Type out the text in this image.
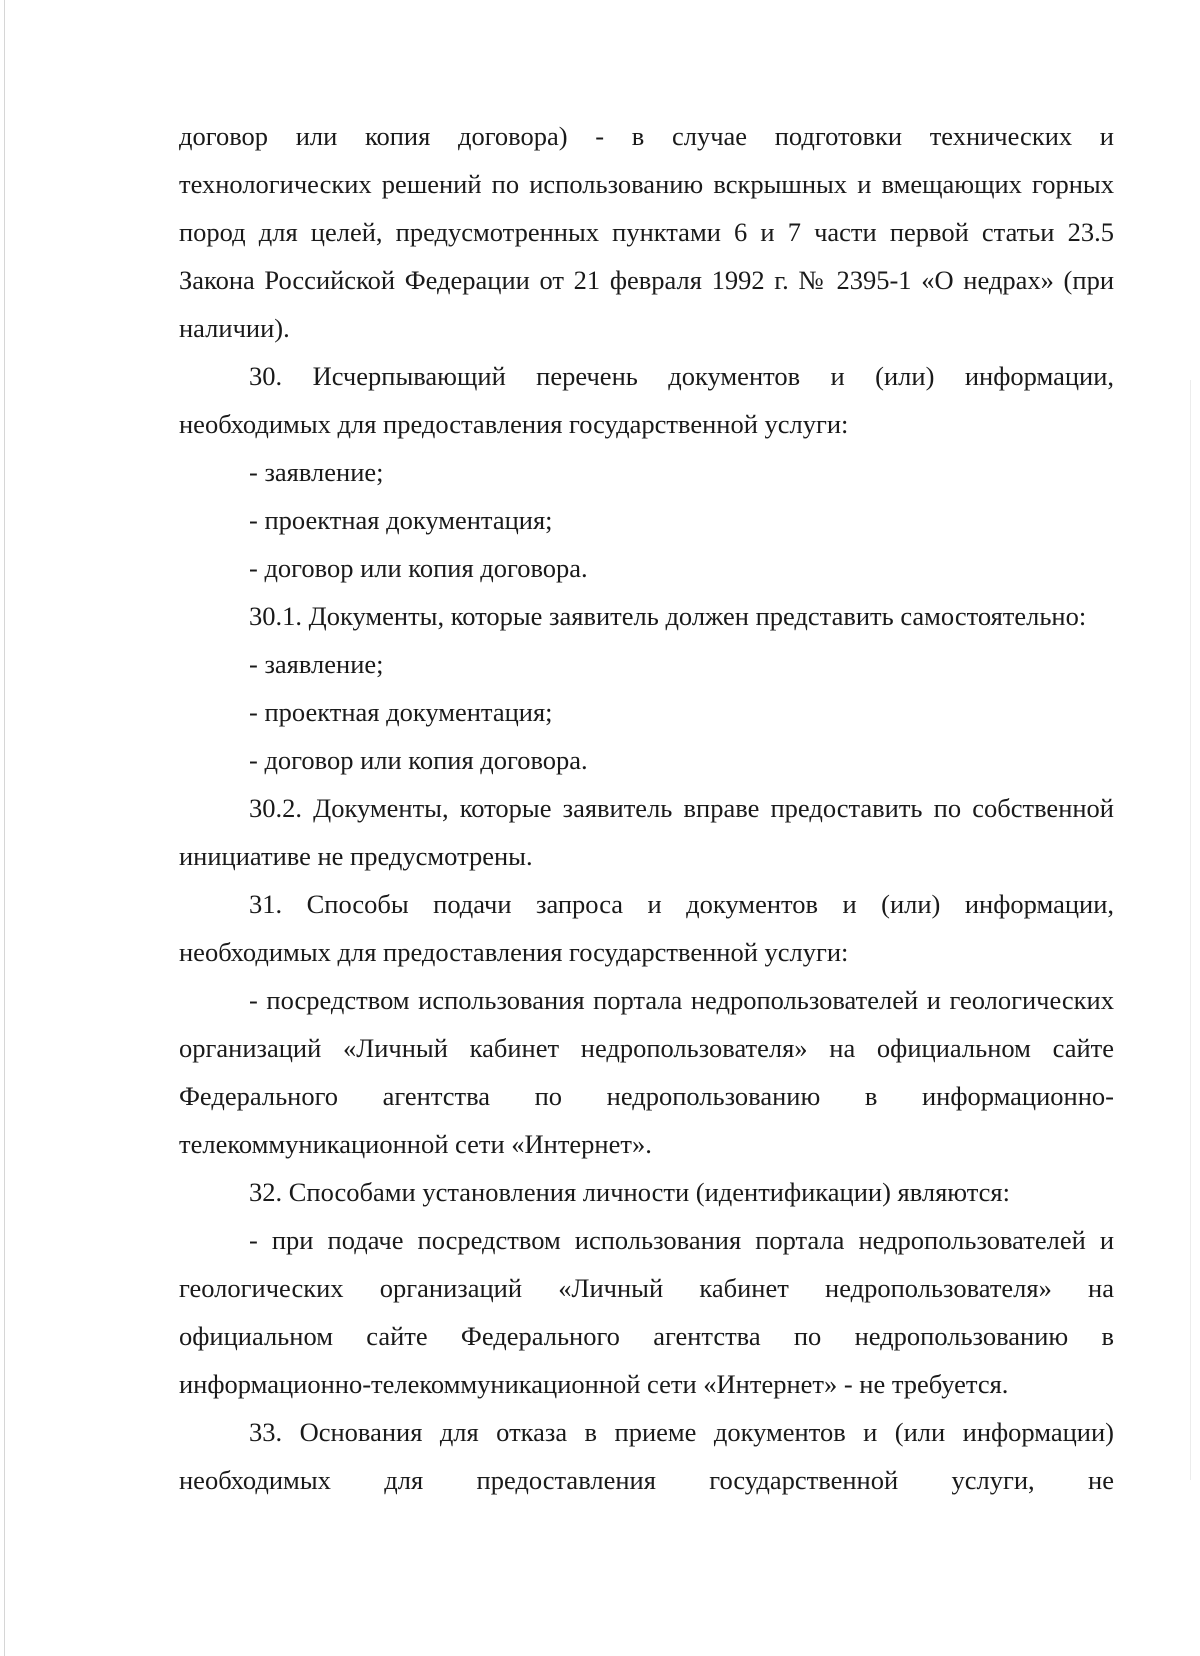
договор или копия договора) - в случае подготовки технических и технологических решений по использованию вскрышных и вмещающих горных пород для целей, предусмотренных пунктами 6 и 7 части первой статьи 23.5 Закона Российской Федерации от 21 февраля 1992 г. № 2395-1 «О недрах» (при наличии).

30. Исчерпывающий перечень документов и (или) информации, необходимых для предоставления государственной услуги:

- заявление;

- проектная документация;

- договор или копия договора.

30.1. Документы, которые заявитель должен представить самостоятельно:

- заявление;

- проектная документация;

- договор или копия договора.

30.2. Документы, которые заявитель вправе предоставить по собственной инициативе не предусмотрены.

31. Способы подачи запроса и документов и (или) информации, необходимых для предоставления государственной услуги:

- посредством использования портала недропользователей и геологических организаций «Личный кабинет недропользователя» на официальном сайте Федерального агентства по недропользованию в информационно-телекоммуникационной сети «Интернет».

32. Способами установления личности (идентификации) являются:

- при подаче посредством использования портала недропользователей и геологических организаций «Личный кабинет недропользователя» на официальном сайте Федерального агентства по недропользованию в информационно-телекоммуникационной сети «Интернет» - не требуется.

33. Основания для отказа в приеме документов и (или информации) необходимых для предоставления государственной услуги, не
